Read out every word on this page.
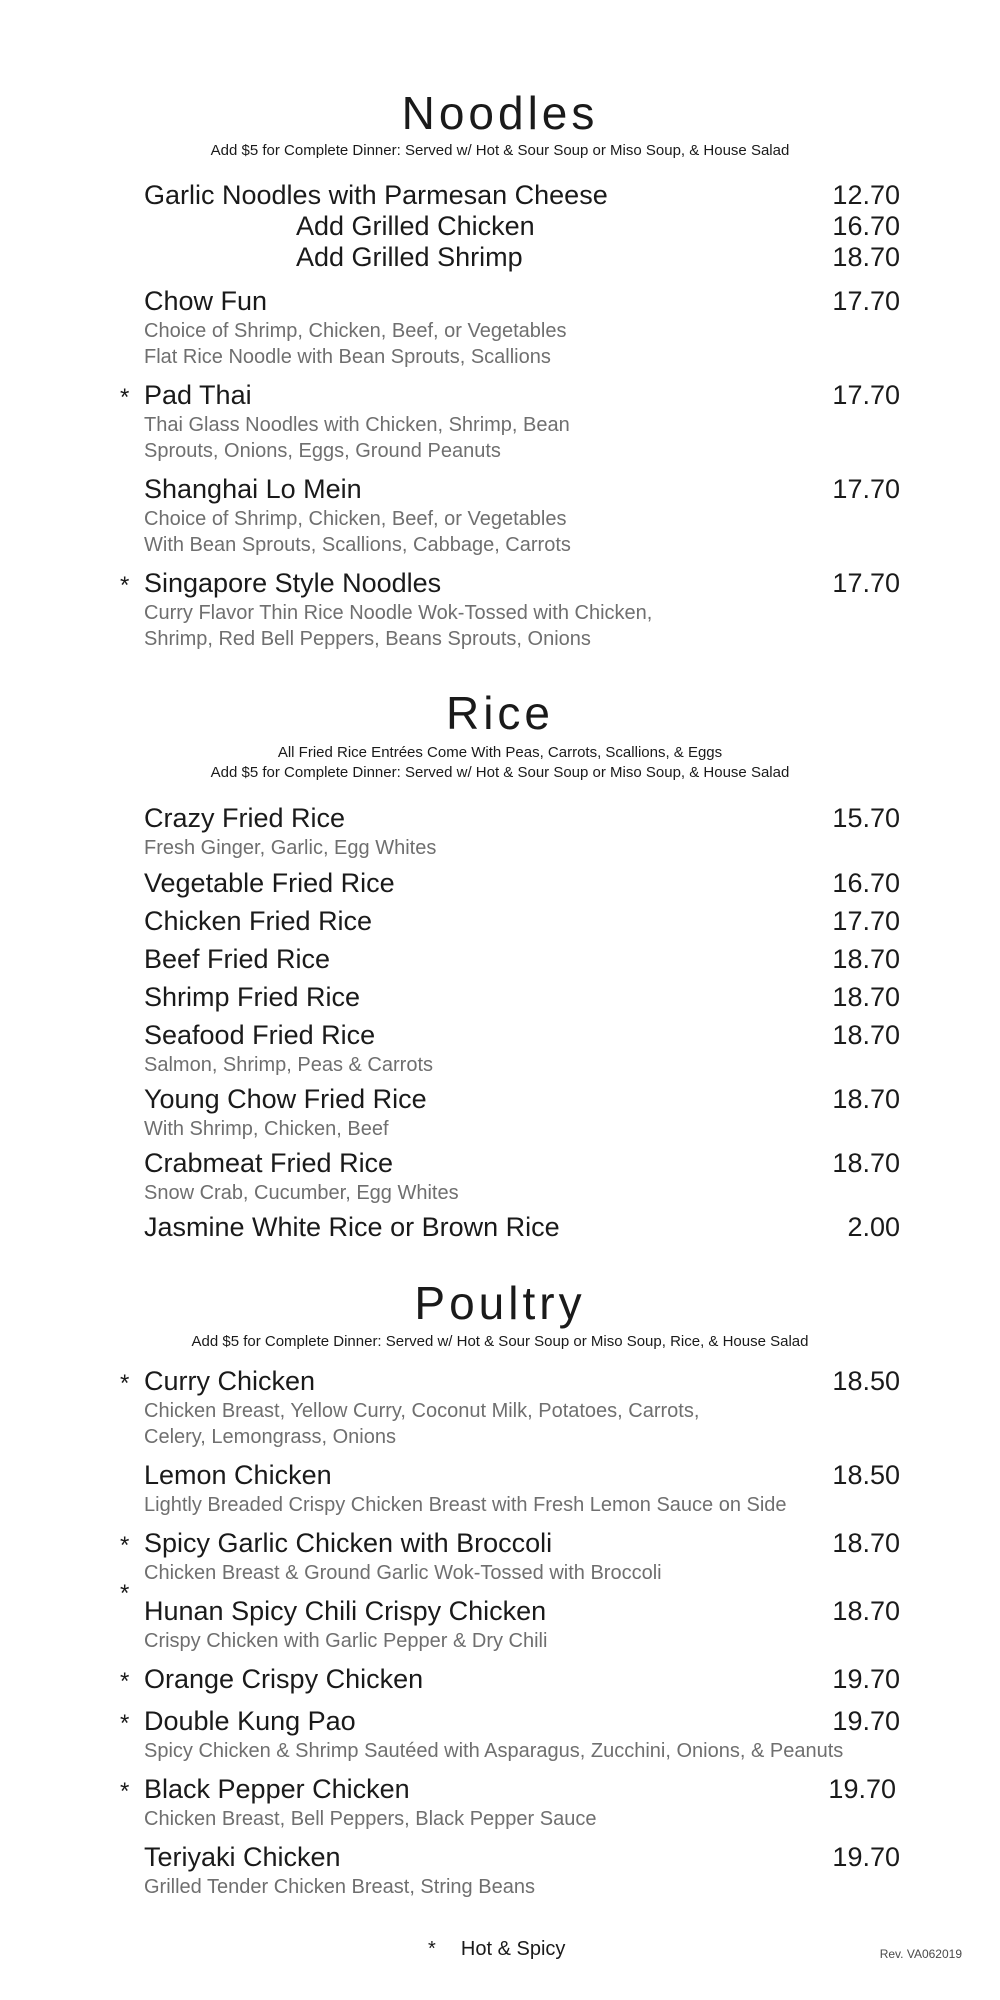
Noodles
Add $5 for Complete Dinner: Served w/ Hot & Sour Soup or Miso Soup, & House Salad
Garlic Noodles with Parmesan Cheese	12.70
Add Grilled Chicken	16.70
Add Grilled Shrimp	18.70
Chow Fun	17.70
Choice of Shrimp, Chicken, Beef, or Vegetables
Flat Rice Noodle with Bean Sprouts, Scallions
* Pad Thai	17.70
Thai Glass Noodles with Chicken, Shrimp, Bean
Sprouts, Onions, Eggs, Ground Peanuts
Shanghai Lo Mein	17.70
Choice of Shrimp, Chicken, Beef, or Vegetables
With Bean Sprouts, Scallions, Cabbage, Carrots
* Singapore Style Noodles	17.70
Curry Flavor Thin Rice Noodle Wok-Tossed with Chicken,
Shrimp, Red Bell Peppers, Beans Sprouts, Onions
Rice
All Fried Rice Entrées Come With Peas, Carrots, Scallions, & Eggs
Add $5 for Complete Dinner: Served w/ Hot & Sour Soup or Miso Soup, & House Salad
Crazy Fried Rice	15.70
Fresh Ginger, Garlic, Egg Whites
Vegetable Fried Rice	16.70
Chicken Fried Rice	17.70
Beef Fried Rice	18.70
Shrimp Fried Rice	18.70
Seafood Fried Rice	18.70
Salmon, Shrimp, Peas & Carrots
Young Chow Fried Rice	18.70
With Shrimp, Chicken, Beef
Crabmeat Fried Rice	18.70
Snow Crab, Cucumber, Egg Whites
Jasmine White Rice or Brown Rice	2.00
Poultry
Add $5 for Complete Dinner: Served w/ Hot & Sour Soup or Miso Soup, Rice, & House Salad
* Curry Chicken	18.50
Chicken Breast, Yellow Curry, Coconut Milk, Potatoes, Carrots,
Celery, Lemongrass, Onions
Lemon Chicken	18.50
Lightly Breaded Crispy Chicken Breast with Fresh Lemon Sauce on Side
* Spicy Garlic Chicken with Broccoli	18.70
Chicken Breast & Ground Garlic Wok-Tossed with Broccoli
*
Hunan Spicy Chili Crispy Chicken	18.70
Crispy Chicken with Garlic Pepper & Dry Chili
* Orange Crispy Chicken	19.70
* Double Kung Pao	19.70
Spicy Chicken & Shrimp Sautéed with Asparagus, Zucchini, Onions, & Peanuts
* Black Pepper Chicken	19.70
Chicken Breast, Bell Peppers, Black Pepper Sauce
Teriyaki Chicken	19.70
Grilled Tender Chicken Breast, String Beans
* Hot & Spicy	Rev. VA062019
